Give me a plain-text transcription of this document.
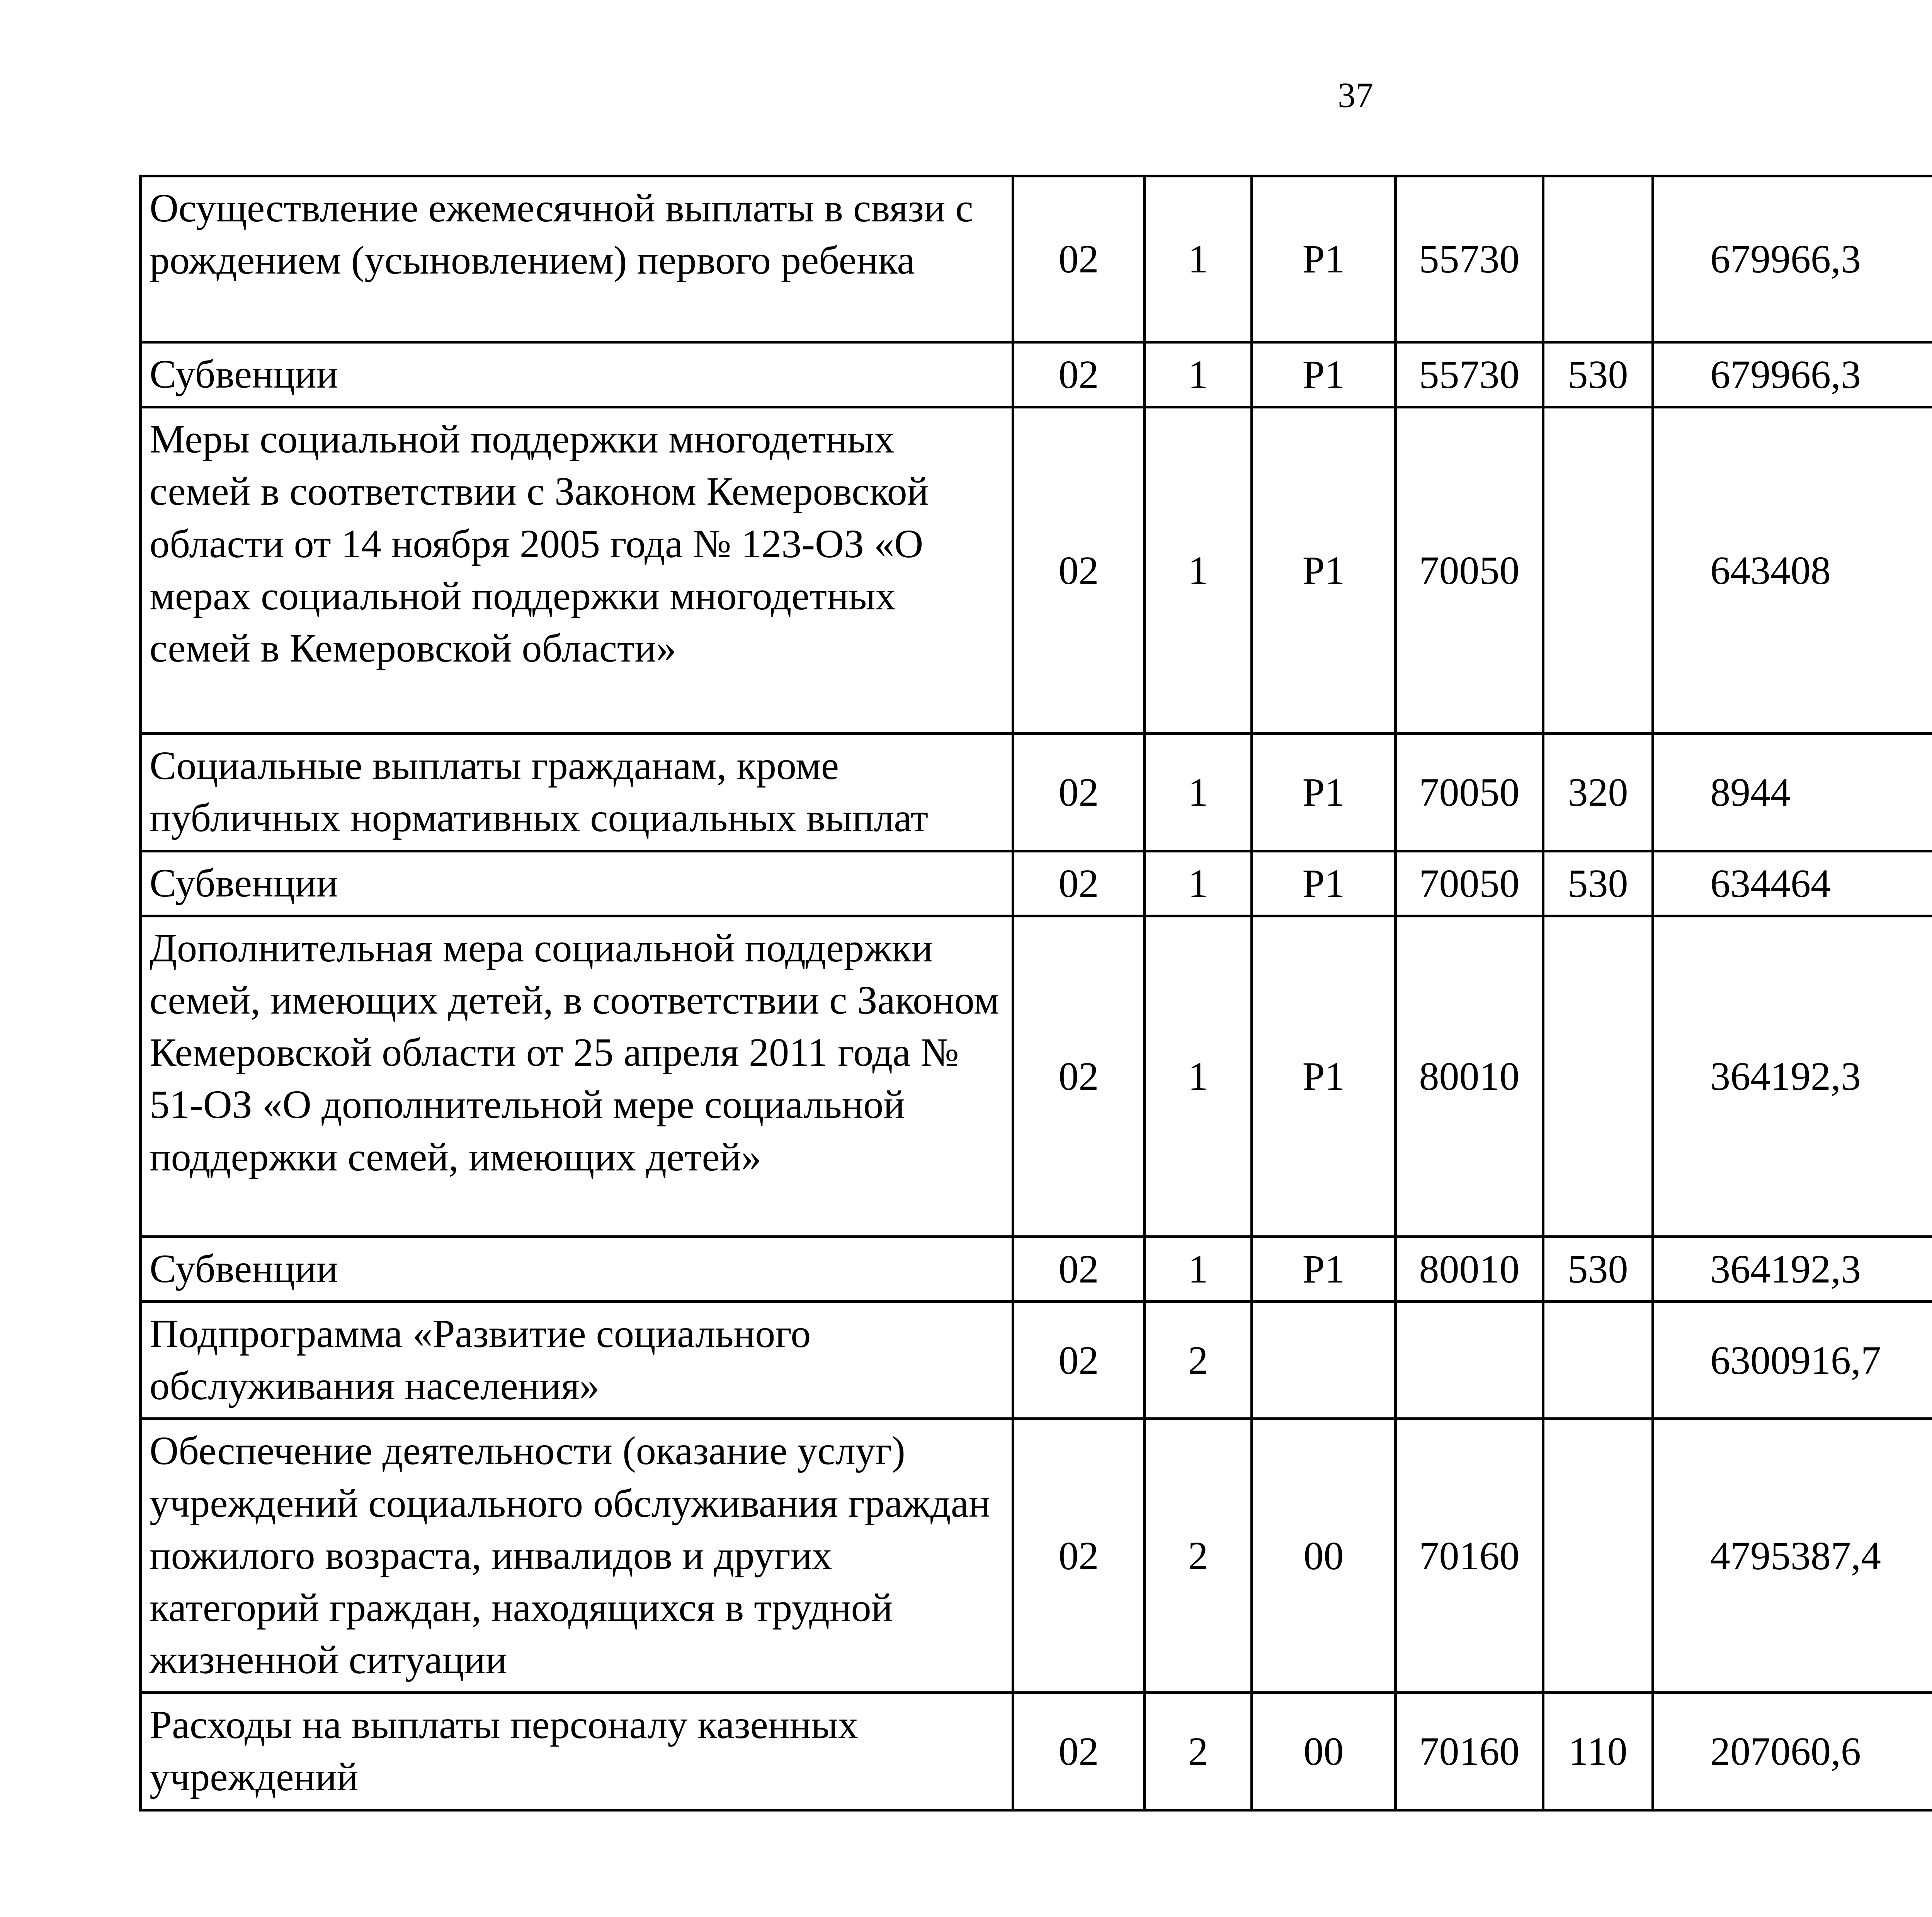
37
Осуществление ежемесячной выплаты в связи с рождением (усыновлением) первого ребенка	02	1	Р1	55730		679966,3		
Субвенции	02	1	Р1	55730	530	679966,3		
Меры социальной поддержки многодетных семей в соответствии с Законом Кемеровской области от 14 ноября 2005 года № 123-ОЗ «О мерах социальной поддержки многодетных семей в Кемеровской области»	02	1	Р1	70050		643408		
Социальные выплаты гражданам, кроме публичных нормативных социальных выплат	02	1	Р1	70050	320	8944		
Субвенции	02	1	Р1	70050	530	634464		
Дополнительная мера социальной поддержки семей, имеющих детей, в соответствии с Законом Кемеровской области от 25 апреля 2011 года № 51-ОЗ «О дополнительной мере социальной поддержки семей, имеющих детей»	02	1	Р1	80010		364192,3		
Субвенции	02	1	Р1	80010	530	364192,3		
Подпрограмма «Развитие социального обслуживания населения»	02	2				6300916,7		
Обеспечение деятельности (оказание услуг) учреждений социального обслуживания граждан пожилого возраста, инвалидов и других категорий граждан, находящихся в трудной жизненной ситуации	02	2	00	70160		4795387,4		
Расходы на выплаты персоналу казенных учреждений	02	2	00	70160	110	207060,6		
